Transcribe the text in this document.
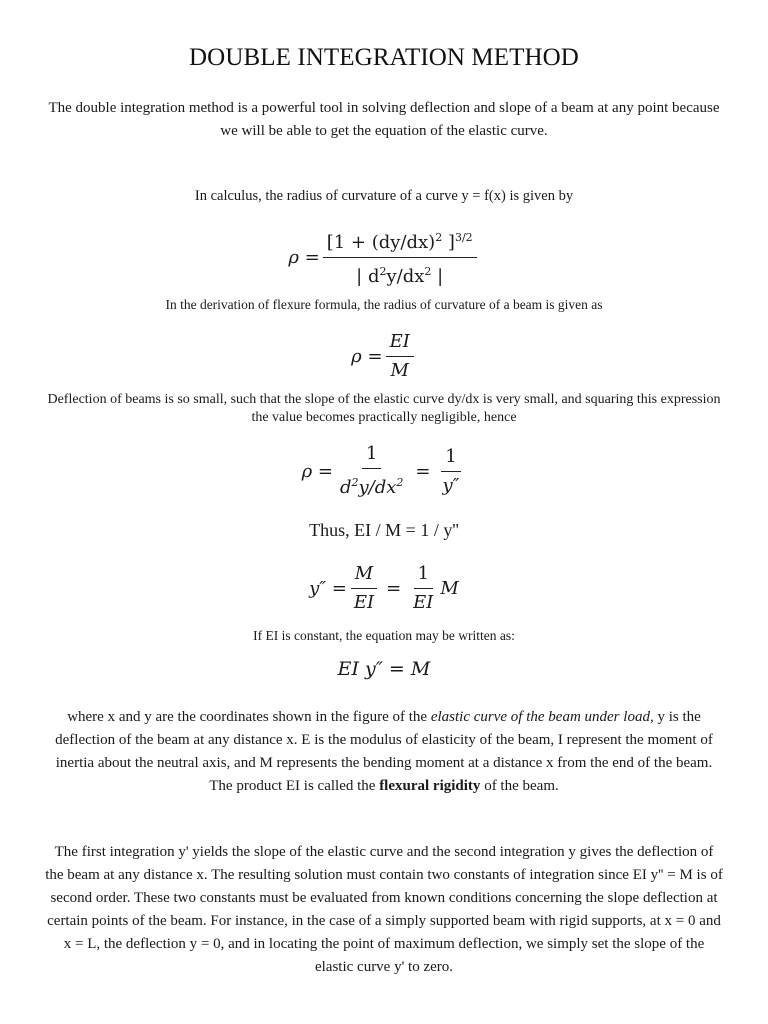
DOUBLE INTEGRATION METHOD
The double integration method is a powerful tool in solving deflection and slope of a beam at any point because we will be able to get the equation of the elastic curve.
In calculus, the radius of curvature of a curve y = f(x) is given by
$\rho = \frac{[1 + (dy/dx)^2 ]^{3/2}}{| d^2y/dx^2 |}$
In the derivation of flexure formula, the radius of curvature of a beam is given as
$\rho = \frac{EI}{M}$
Deflection of beams is so small, such that the slope of the elastic curve dy/dx is very small, and squaring this expression the value becomes practically negligible, hence
$\rho = \frac{1}{d^2y/dx^2} = \frac{1}{y''}$
Thus, EI / M = 1 / y''
$y'' = \frac{M}{EI} = \frac{1}{EI}$ M
If EI is constant, the equation may be written as:
EI y″ = M
where x and y are the coordinates shown in the figure of the elastic curve of the beam under load, y is the deflection of the beam at any distance x. E is the modulus of elasticity of the beam, I represent the moment of inertia about the neutral axis, and M represents the bending moment at a distance x from the end of the beam. The product EI is called the flexural rigidity of the beam.
The first integration y' yields the slope of the elastic curve and the second integration y gives the deflection of the beam at any distance x. The resulting solution must contain two constants of integration since EI y'' = M is of second order. These two constants must be evaluated from known conditions concerning the slope deflection at certain points of the beam. For instance, in the case of a simply supported beam with rigid supports, at x = 0 and x = L, the deflection y = 0, and in locating the point of maximum deflection, we simply set the slope of the elastic curve y' to zero.
